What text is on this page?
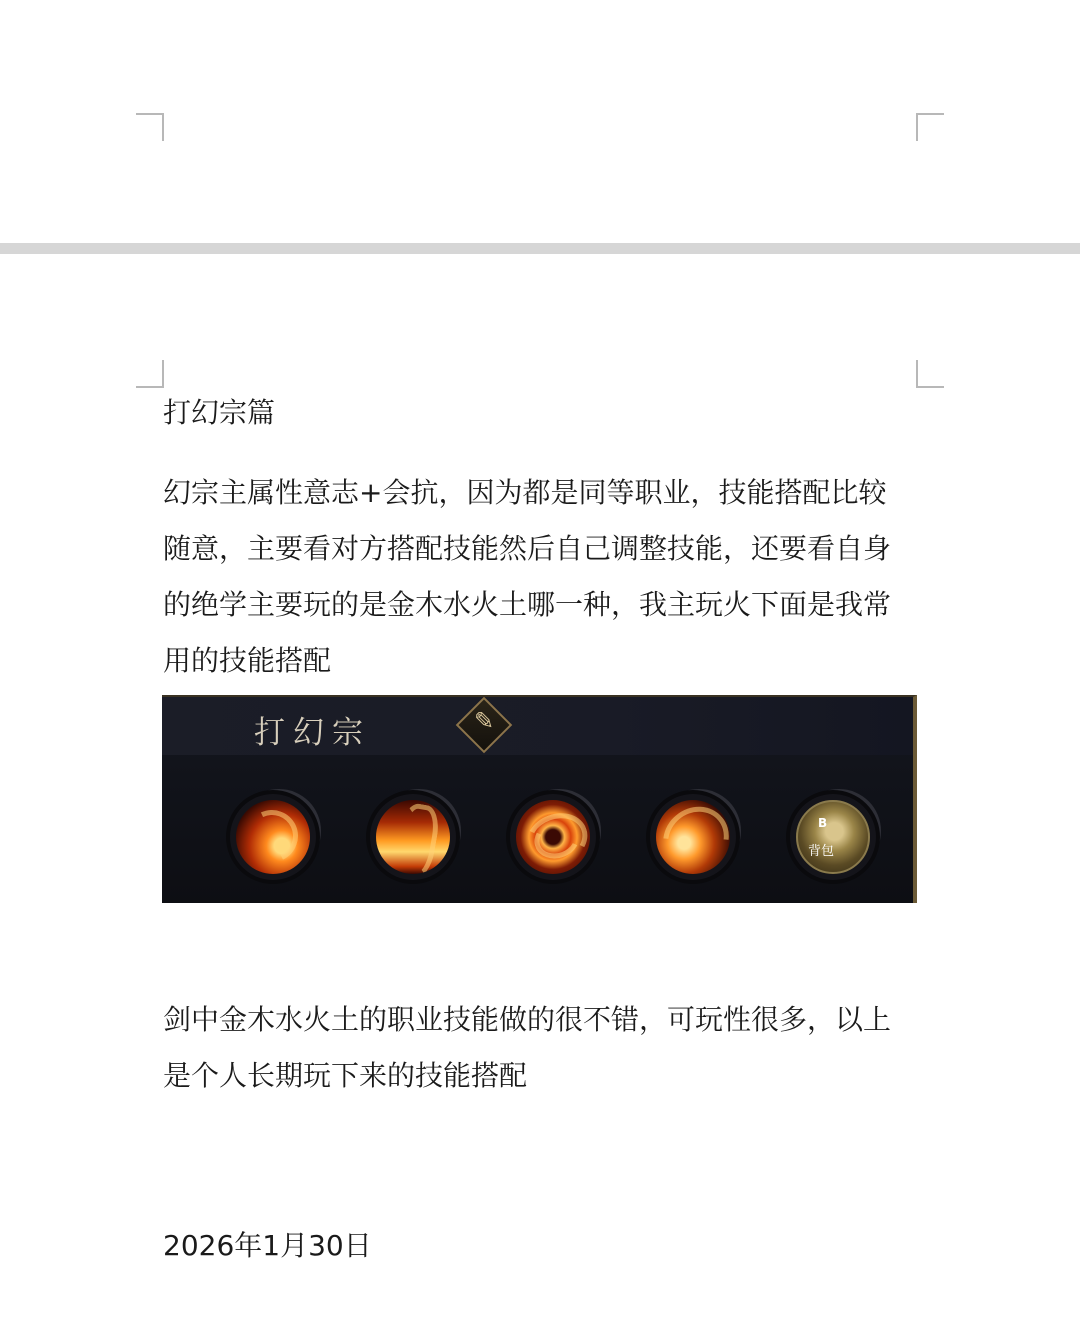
打幻宗篇
幻宗主属性意志+会抗，因为都是同等职业，技能搭配比较
随意，主要看对方搭配技能然后自己调整技能，还要看自身
的绝学主要玩的是金木水火土哪一种，我主玩火下面是我常
用的技能搭配
打幻宗	✎
B
背包
剑中金木水火土的职业技能做的很不错，可玩性很多，以上
是个人长期玩下来的技能搭配
2026年1月30日
